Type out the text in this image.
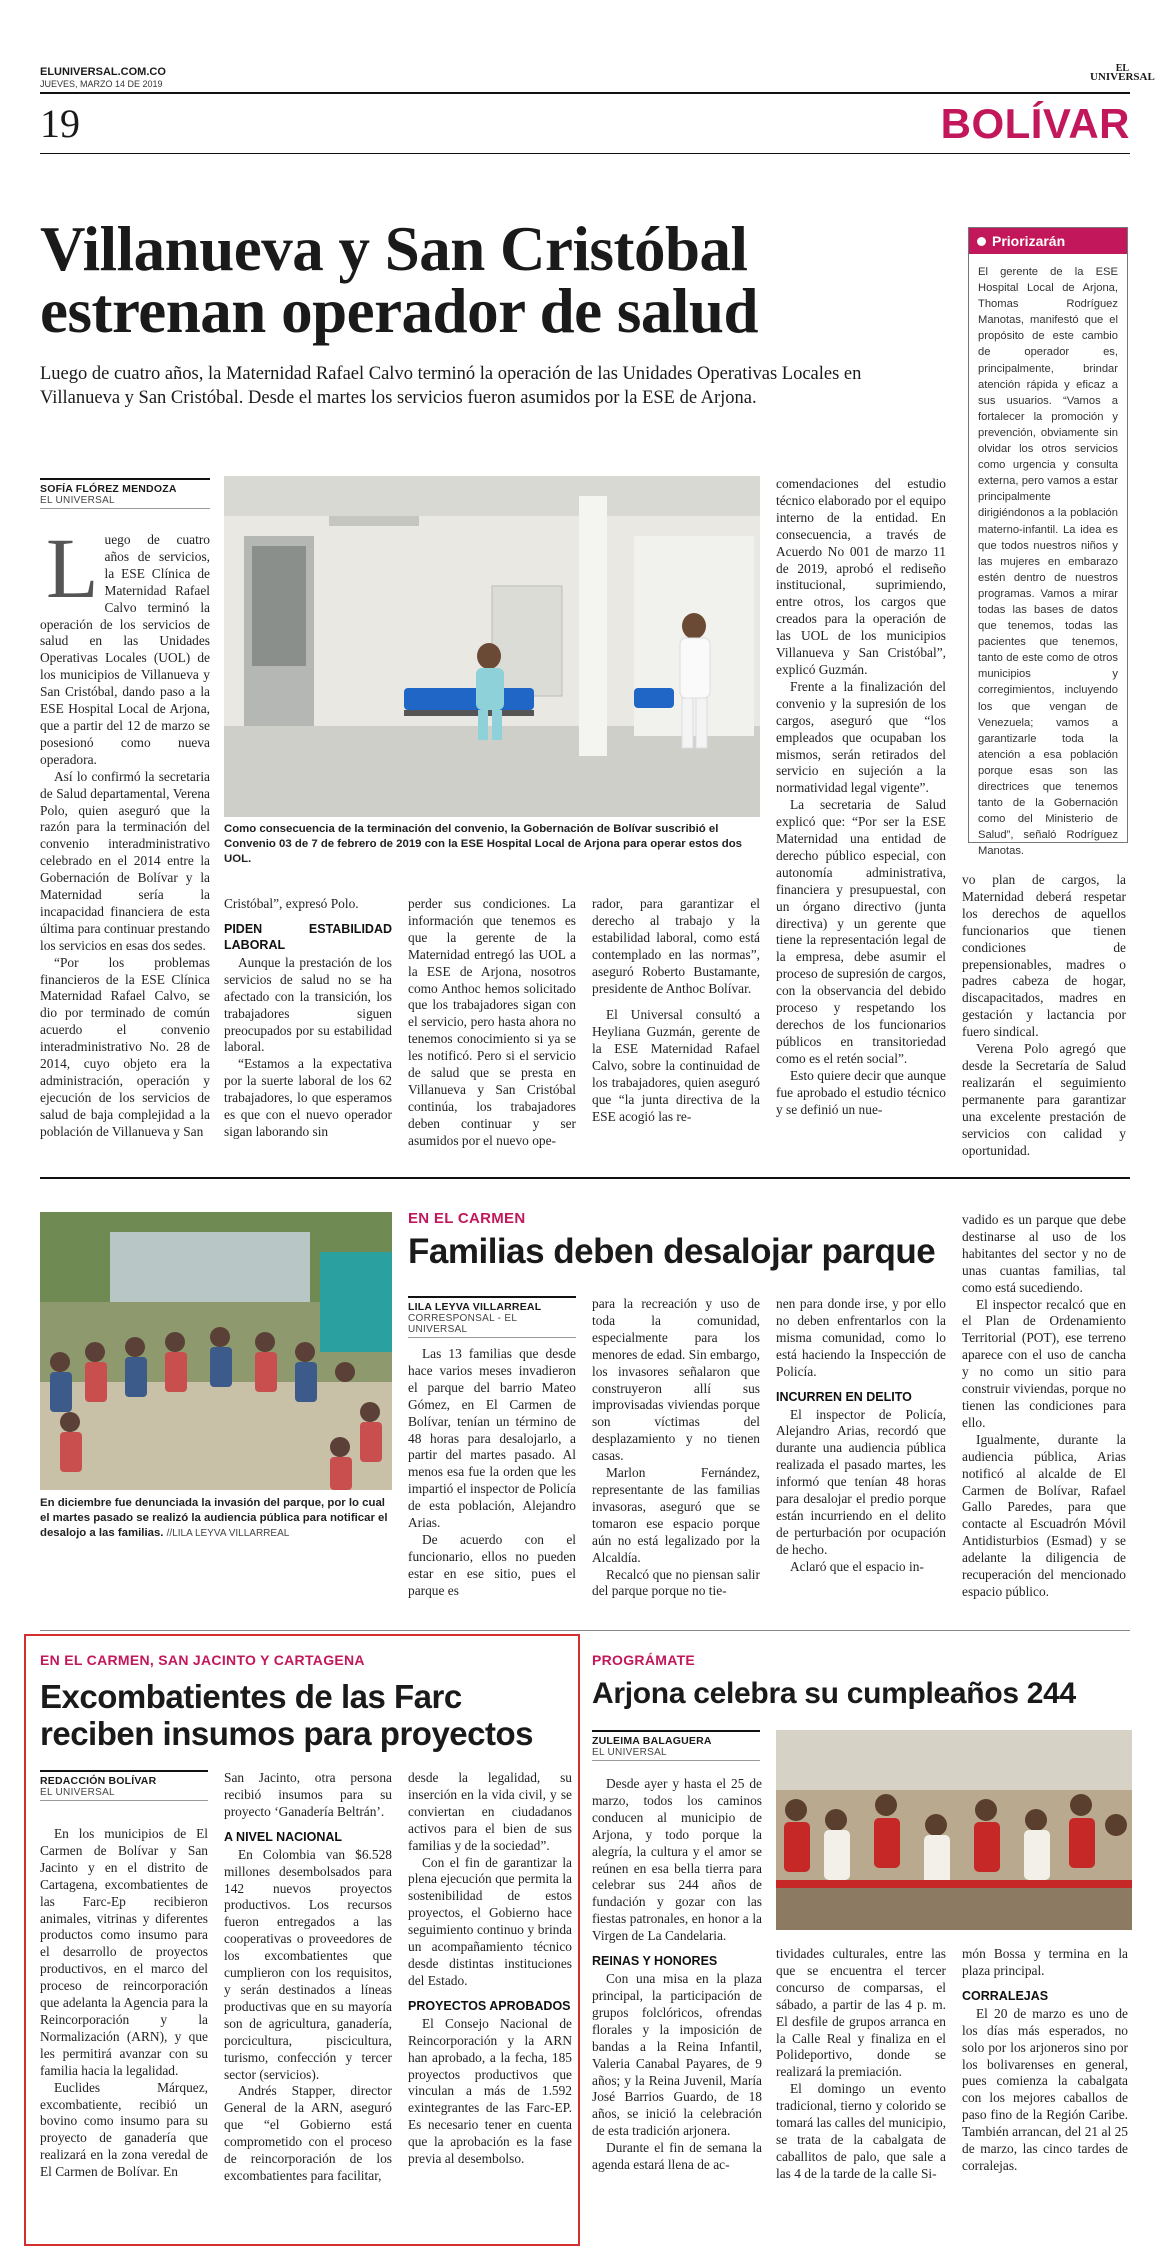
ELUNIVERSAL.COM.CO
JUEVES, MARZO 14 DE 2019
EL
UNIVERSAL
19	BOLÍVAR
Villanueva y San Cristóbal estrenan operador de salud
Luego de cuatro años, la Maternidad Rafael Calvo terminó la operación de las Unidades Operativas Locales en Villanueva y San Cristóbal. Desde el martes los servicios fueron asumidos por la ESE de Arjona.
Priorizarán
El gerente de la ESE Hospital Local de Arjona, Thomas Rodríguez Manotas, manifestó que el propósito de este cambio de operador es, principalmente, brindar atención rápida y eficaz a sus usuarios. “Vamos a fortalecer la promoción y prevención, obviamente sin olvidar los otros servicios como urgencia y consulta externa, pero vamos a estar principalmente dirigiéndonos a la población materno-infantil. La idea es que todos nuestros niños y las mujeres en embarazo estén dentro de nuestros programas. Vamos a mirar todas las bases de datos que tenemos, todas las pacientes que tenemos, tanto de este como de otros municipios y corregimientos, incluyendo los que vengan de Venezuela; vamos a garantizarle toda la atención a esa población porque esas son las directrices que tenemos tanto de la Gobernación como del Ministerio de Salud”, señaló Rodríguez Manotas.
SOFÍA FLÓREZ MENDOZA
EL UNIVERSAL

Luego de cuatro años de servicios, la ESE Clínica de Maternidad Rafael Calvo terminó la operación de los servicios de salud en las Unidades Operativas Locales (UOL) de los municipios de Villanueva y San Cristóbal, dando paso a la ESE Hospital Local de Arjona, que a partir del 12 de marzo se posesionó como nueva operadora.

Así lo confirmó la secretaria de Salud departamental, Verena Polo, quien aseguró que la razón para la terminación del convenio interadministrativo celebrado en el 2014 entre la Gobernación de Bolívar y la Maternidad sería la incapacidad financiera de esta última para continuar prestando los servicios en esas dos sedes.

“Por los problemas financieros de la ESE Clínica Maternidad Rafael Calvo, se dio por terminado de común acuerdo el convenio interadministrativo No. 28 de 2014, cuyo objeto era la administración, operación y ejecución de los servicios de salud de baja complejidad a la población de Villanueva y San

Como consecuencia de la terminación del convenio, la Gobernación de Bolívar suscribió el Convenio 03 de 7 de febrero de 2019 con la ESE Hospital Local de Arjona para operar estos dos UOL.

Cristóbal”, expresó Polo.

PIDEN ESTABILIDAD LABORAL

Aunque la prestación de los servicios de salud no se ha afectado con la transición, los trabajadores siguen preocupados por su estabilidad laboral.

“Estamos a la expectativa por la suerte laboral de los 62 trabajadores, lo que esperamos es que con el nuevo operador sigan laborando sin

perder sus condiciones. La información que tenemos es que la gerente de la Maternidad entregó las UOL a la ESE de Arjona, nosotros como Anthoc hemos solicitado que los trabajadores sigan con el servicio, pero hasta ahora no tenemos conocimiento si ya se les notificó. Pero si el servicio de salud que se presta en Villanueva y San Cristóbal continúa, los trabajadores deben continuar y ser asumidos por el nuevo ope-

rador, para garantizar el derecho al trabajo y la estabilidad laboral, como está contemplado en las normas”, aseguró Roberto Bustamante, presidente de Anthoc Bolívar.

El Universal consultó a Heyliana Guzmán, gerente de la ESE Maternidad Rafael Calvo, sobre la continuidad de los trabajadores, quien aseguró que “la junta directiva de la ESE acogió las re-

comendaciones del estudio técnico elaborado por el equipo interno de la entidad. En consecuencia, a través de Acuerdo No 001 de marzo 11 de 2019, aprobó el rediseño institucional, suprimiendo, entre otros, los cargos que creados para la operación de las UOL de los municipios Villanueva y San Cristóbal”, explicó Guzmán.

Frente a la finalización del convenio y la supresión de los cargos, aseguró que “los empleados que ocupaban los mismos, serán retirados del servicio en sujeción a la normatividad legal vigente”.

La secretaria de Salud explicó que: “Por ser la ESE Maternidad una entidad de derecho público especial, con autonomía administrativa, financiera y presupuestal, con un órgano directivo (junta directiva) y un gerente que tiene la representación legal de la empresa, debe asumir el proceso de supresión de cargos, con la observancia del debido proceso y respetando los derechos de los funcionarios públicos en transitoriedad como es el retén social”.

Esto quiere decir que aunque fue aprobado el estudio técnico y se definió un nue-

vo plan de cargos, la Maternidad deberá respetar los derechos de aquellos funcionarios que tienen condiciones de prepensionables, madres o padres cabeza de hogar, discapacitados, madres en gestación y lactancia por fuero sindical.

Verena Polo agregó que desde la Secretaría de Salud realizarán el seguimiento permanente para garantizar una excelente prestación de servicios con calidad y oportunidad.

En diciembre fue denunciada la invasión del parque, por lo cual el martes pasado se realizó la audiencia pública para notificar el desalojo a las familias. //LILA LEYVA VILLARREAL
EN EL CARMEN
Familias deben desalojar parque
LILA LEYVA VILLARREAL
CORRESPONSAL - EL UNIVERSAL

Las 13 familias que desde hace varios meses invadieron el parque del barrio Mateo Gómez, en El Carmen de Bolívar, tenían un término de 48 horas para desalojarlo, a partir del martes pasado. Al menos esa fue la orden que les impartió el inspector de Policía de esta población, Alejandro Arias.

De acuerdo con el funcionario, ellos no pueden estar en ese sitio, pues el parque es

para la recreación y uso de toda la comunidad, especialmente para los menores de edad. Sin embargo, los invasores señalaron que construyeron allí sus improvisadas viviendas porque son víctimas del desplazamiento y no tienen casas.

Marlon Fernández, representante de las familias invasoras, aseguró que se tomaron ese espacio porque aún no está legalizado por la Alcaldía.

Recalcó que no piensan salir del parque porque no tie-

nen para donde irse, y por ello no deben enfrentarlos con la misma comunidad, como lo está haciendo la Inspección de Policía.

INCURREN EN DELITO

El inspector de Policía, Alejandro Arias, recordó que durante una audiencia pública realizada el pasado martes, les informó que tenían 48 horas para desalojar el predio porque están incurriendo en el delito de perturbación por ocupación de hecho.

Aclaró que el espacio in-

vadido es un parque que debe destinarse al uso de los habitantes del sector y no de unas cuantas familias, tal como está sucediendo.

El inspector recalcó que en el Plan de Ordenamiento Territorial (POT), ese terreno aparece con el uso de cancha y no como un sitio para construir viviendas, porque no tienen las condiciones para ello.

Igualmente, durante la audiencia pública, Arias notificó al alcalde de El Carmen de Bolívar, Rafael Gallo Paredes, para que contacte al Escuadrón Móvil Antidisturbios (Esmad) y se adelante la diligencia de recuperación del mencionado espacio público.

EN EL CARMEN, SAN JACINTO Y CARTAGENA
Excombatientes de las Farc reciben insumos para proyectos
REDACCIÓN BOLÍVAR
EL UNIVERSAL

En los municipios de El Carmen de Bolívar y San Jacinto y en el distrito de Cartagena, excombatientes de las Farc-Ep recibieron animales, vitrinas y diferentes productos como insumo para el desarrollo de proyectos productivos, en el marco del proceso de reincorporación que adelanta la Agencia para la Reincorporación y la Normalización (ARN), y que les permitirá avanzar con su familia hacia la legalidad.

Euclides Márquez, excombatiente, recibió un bovino como insumo para su proyecto de ganadería que realizará en la zona veredal de El Carmen de Bolívar. En

San Jacinto, otra persona recibió insumos para su proyecto ‘Ganadería Beltrán’.

A NIVEL NACIONAL

En Colombia van $6.528 millones desembolsados para 142 nuevos proyectos productivos. Los recursos fueron entregados a las cooperativas o proveedores de los excombatientes que cumplieron con los requisitos, y serán destinados a líneas productivas que en su mayoría son de agricultura, ganadería, porcicultura, piscicultura, turismo, confección y tercer sector (servicios).

Andrés Stapper, director General de la ARN, aseguró que “el Gobierno está comprometido con el proceso de reincorporación de los excombatientes para facilitar,

desde la legalidad, su inserción en la vida civil, y se conviertan en ciudadanos activos para el bien de sus familias y de la sociedad”.

Con el fin de garantizar la plena ejecución que permita la sostenibilidad de estos proyectos, el Gobierno hace seguimiento continuo y brinda un acompañamiento técnico desde distintas instituciones del Estado.

PROYECTOS APROBADOS

El Consejo Nacional de Reincorporación y la ARN han aprobado, a la fecha, 185 proyectos productivos que vinculan a más de 1.592 exintegrantes de las Farc-EP. Es necesario tener en cuenta que la aprobación es la fase previa al desembolso.

PROGRÁMATE
Arjona celebra su cumpleaños 244
ZULEIMA BALAGUERA
EL UNIVERSAL

Desde ayer y hasta el 25 de marzo, todos los caminos conducen al municipio de Arjona, y todo porque la alegría, la cultura y el amor se reúnen en esa bella tierra para celebrar sus 244 años de fundación y gozar con las fiestas patronales, en honor a la Virgen de La Candelaria.

REINAS Y HONORES

Con una misa en la plaza principal, la participación de grupos folclóricos, ofrendas florales y la imposición de bandas a la Reina Infantil, Valeria Canabal Payares, de 9 años; y la Reina Juvenil, María José Barrios Guardo, de 18 años, se inició la celebración de esta tradición arjonera.

Durante el fin de semana la agenda estará llena de ac-

tividades culturales, entre las que se encuentra el tercer concurso de comparsas, el sábado, a partir de las 4 p. m. El desfile de grupos arranca en la Calle Real y finaliza en el Polideportivo, donde se realizará la premiación.

El domingo un evento tradicional, tierno y colorido se tomará las calles del municipio, se trata de la cabalgata de caballitos de palo, que sale a las 4 de la tarde de la calle Si-

món Bossa y termina en la plaza principal.

CORRALEJAS

El 20 de marzo es uno de los días más esperados, no solo por los arjoneros sino por los bolivarenses en general, pues comienza la cabalgata con los mejores caballos de paso fino de la Región Caribe. También arrancan, del 21 al 25 de marzo, las cinco tardes de corralejas.
